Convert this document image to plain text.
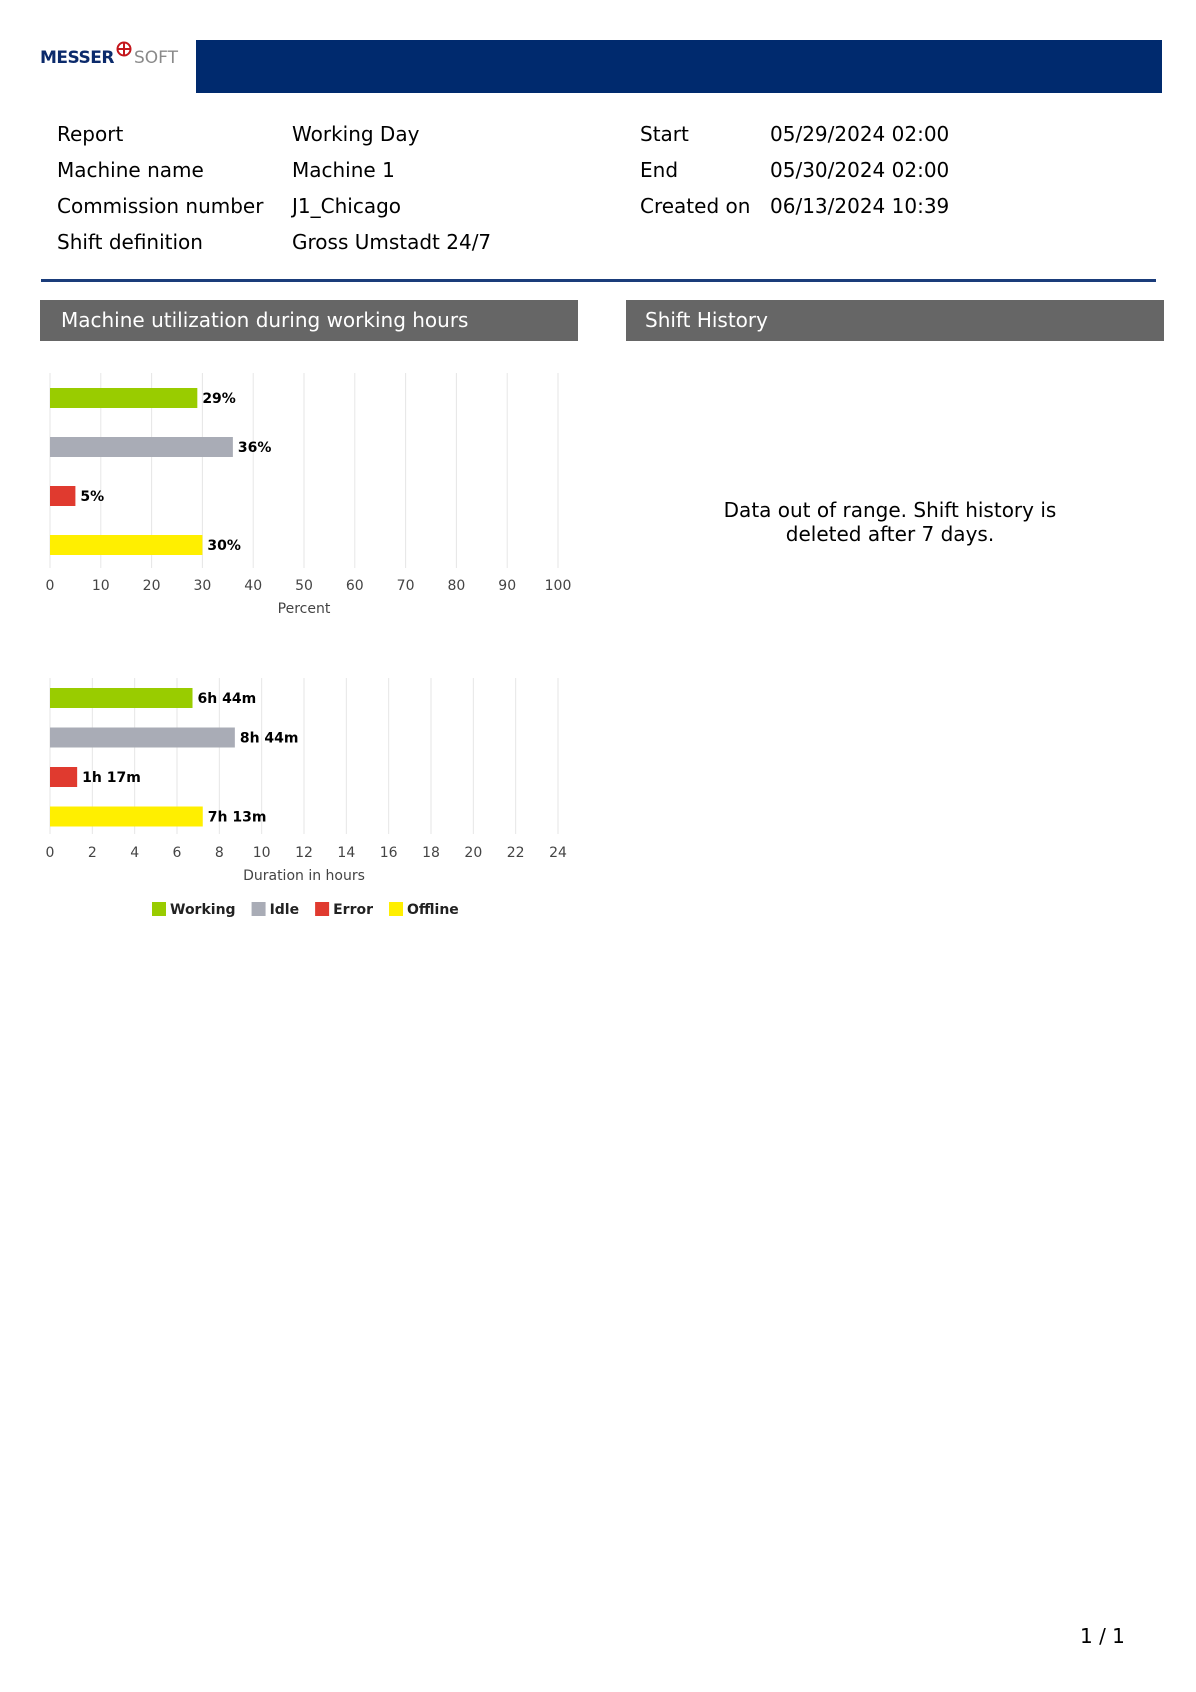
MESSER SOFT
Report	Working Day
Machine name	Machine 1
Commission number J1_Chicago
Shift definition	Gross Umstadt 24/7
Start	05/29/2024 02:00
End	05/30/2024 02:00
Created on 06/13/2024 10:39
Machine utilization during working hours	Shift History
Data out of range. Shift history is
deleted after 7 days.
0	10 20 30 40 50 60 70 80 90 100
29%
36%
5%
30%
Percent
0 2 4 6 8 10 12 14 16 18 20 22 24
6h 44m
8h 44m
1h 17m
7h 13m
Duration in hours
Working Idle Error Offline
1 / 1
